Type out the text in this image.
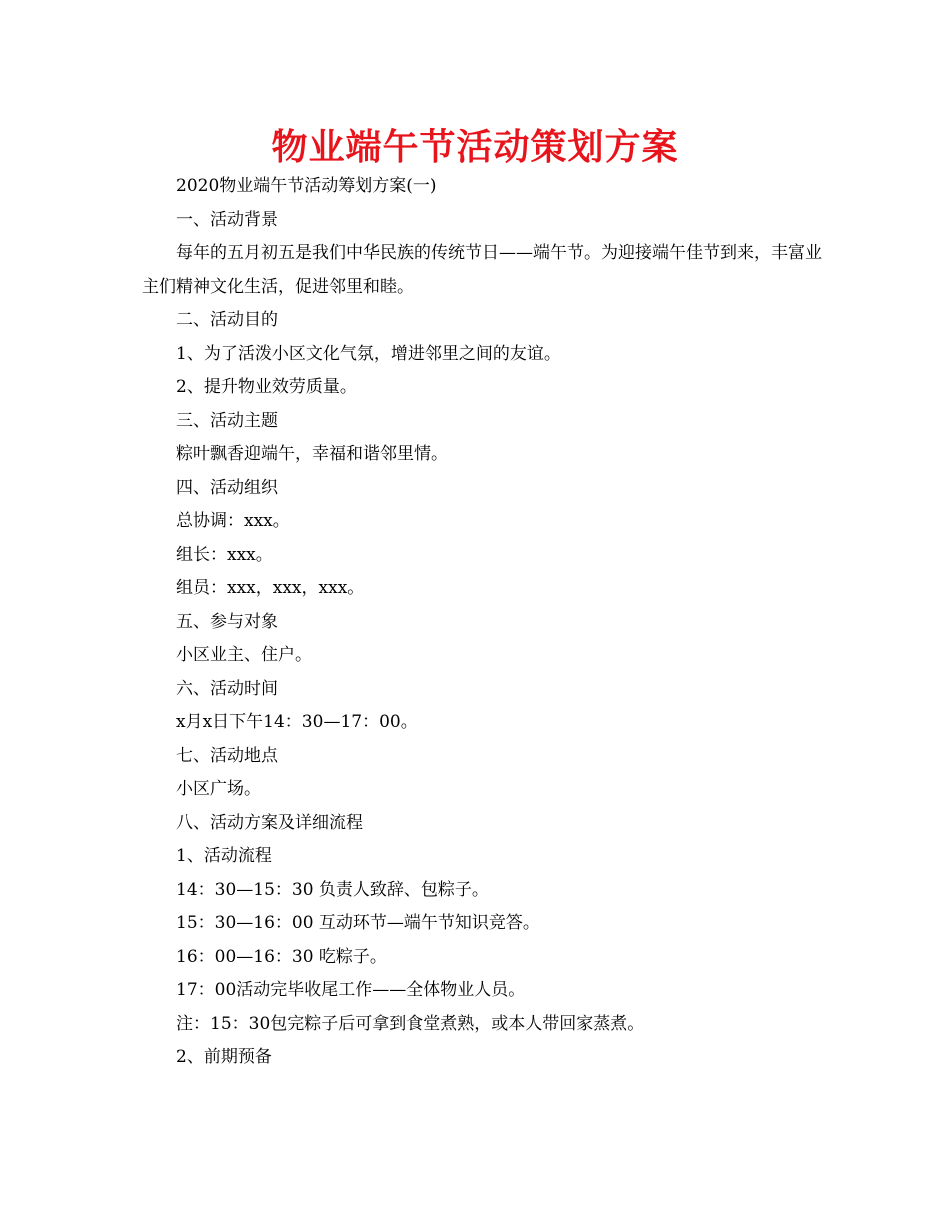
物业端午节活动策划方案

2020物业端午节活动筹划方案(一)

一、活动背景

每年的五月初五是我们中华民族的传统节日——端午节。为迎接端午佳节到来，丰富业主们精神文化生活，促进邻里和睦。

二、活动目的

1、为了活泼小区文化气氛，增进邻里之间的友谊。

2、提升物业效劳质量。

三、活动主题

粽叶飘香迎端午，幸福和谐邻里情。

四、活动组织

总协调：xxx。

组长：xxx。

组员：xxx，xxx，xxx。

五、参与对象

小区业主、住户。

六、活动时间

x月x日下午14：30—17：00。

七、活动地点

小区广场。

八、活动方案及详细流程

1、活动流程

14：30—15：30 负责人致辞、包粽子。

15：30—16：00 互动环节—端午节知识竞答。

16：00—16：30 吃粽子。

17：00活动完毕收尾工作——全体物业人员。

注：15：30包完粽子后可拿到食堂煮熟，或本人带回家蒸煮。

2、前期预备
